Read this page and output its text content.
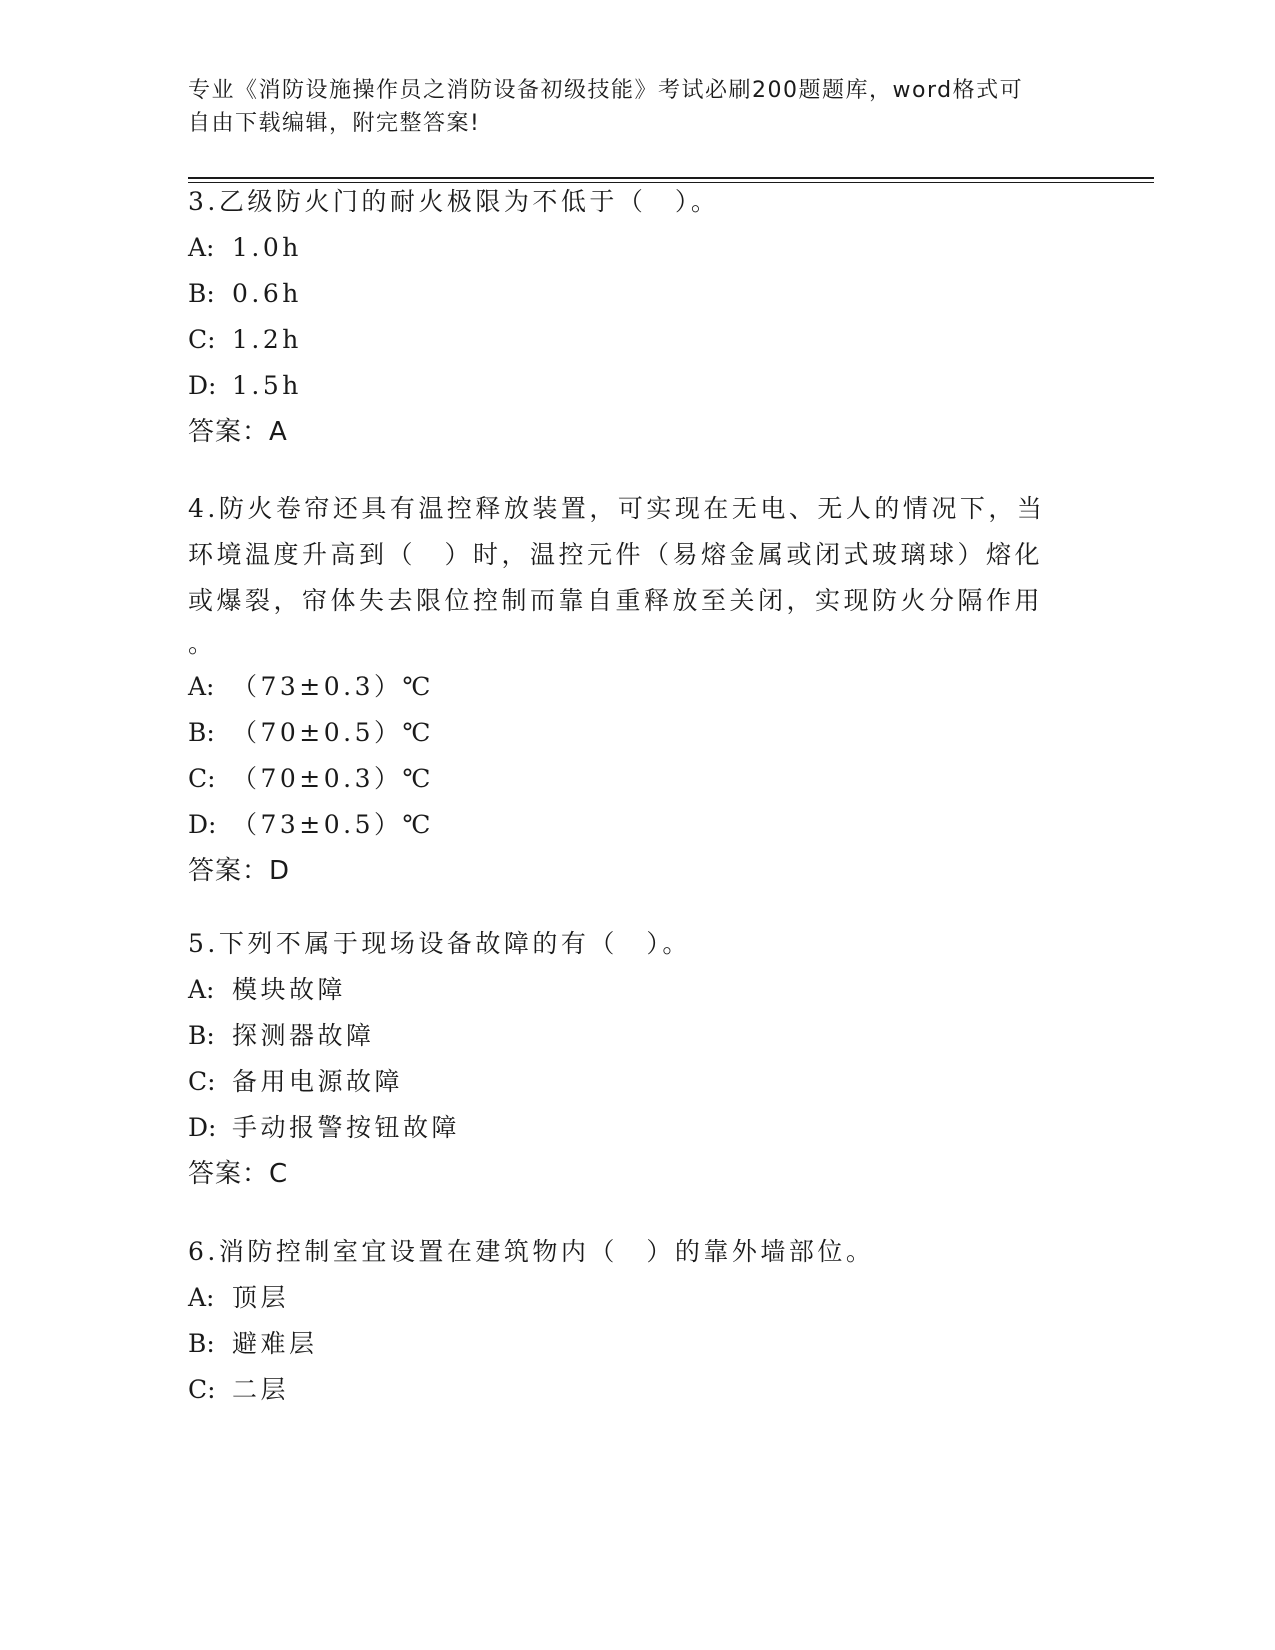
专业《消防设施操作员之消防设备初级技能》考试必刷200题题库，word格式可
自由下载编辑，附完整答案!

3.乙级防火门的耐火极限为不低于（　）。

A: 1.0h

B: 0.6h

C: 1.2h

D: 1.5h

答案：A

4.防火卷帘还具有温控释放装置，可实现在无电、无人的情况下，当

环境温度升高到（　）时，温控元件（易熔金属或闭式玻璃球）熔化

或爆裂，帘体失去限位控制而靠自重释放至关闭，实现防火分隔作用

。

A: （73±0.3）℃

B: （70±0.5）℃

C: （70±0.3）℃

D: （73±0.5）℃

答案：D

5.下列不属于现场设备故障的有（　）。

A: 模块故障

B: 探测器故障

C: 备用电源故障

D: 手动报警按钮故障

答案：C

6.消防控制室宜设置在建筑物内（　）的靠外墙部位。

A: 顶层

B: 避难层

C: 二层
